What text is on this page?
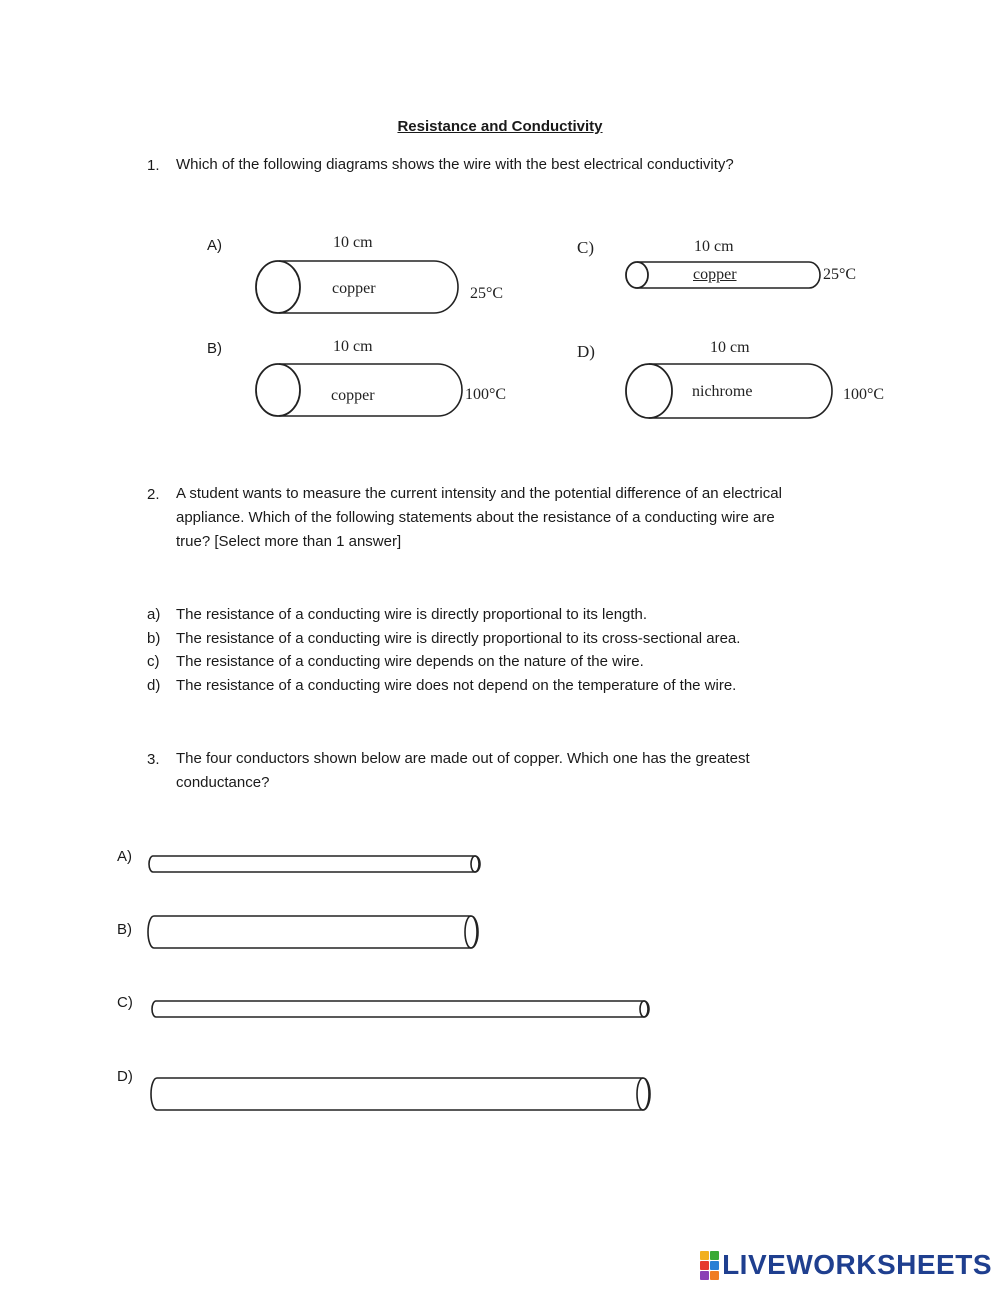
Resistance and Conductivity
1.	Which of the following diagrams shows the wire with the best electrical conductivity?
A)	10 cm
copper	25°C
B)	10 cm
copper	100°C
C)	10 cm
copper	25°C
D)	10 cm
nichrome	100°C
2.	A student wants to measure the current intensity and the potential difference of an electrical
appliance. Which of the following statements about the resistance of a conducting wire are
true? [Select more than 1 answer]
a) The resistance of a conducting wire is directly proportional to its length.
b) The resistance of a conducting wire is directly proportional to its cross-sectional area.
c) The resistance of a conducting wire depends on the nature of the wire.
d) The resistance of a conducting wire does not depend on the temperature of the wire.
3.	The four conductors shown below are made out of copper. Which one has the greatest
conductance?
A)
B)
C)
D)
LIVEWORKSHEETS
